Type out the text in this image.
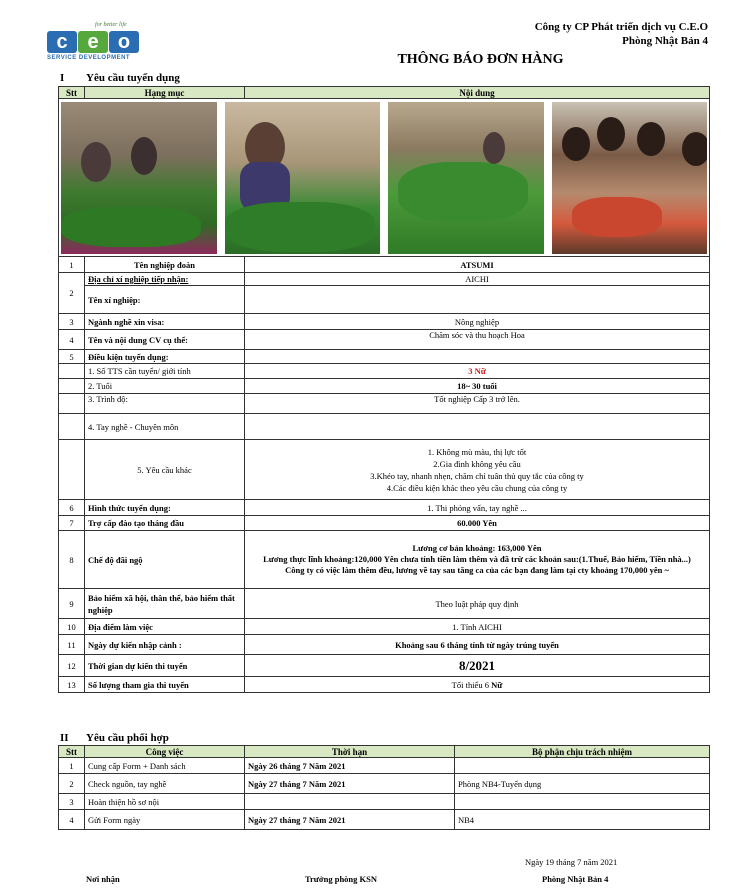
for better life
c e o
SERVICE DEVELOPMENT
Công ty CP Phát triển dịch vụ C.E.O
Phòng Nhật Bản 4
THÔNG BÁO ĐƠN HÀNG
I Yêu cầu tuyển dụng
Stt	Hạng mục	Nội dung

1	Tên nghiệp đoàn	ATSUMI
2	Địa chỉ xí nghiệp tiếp nhận:	AICHI
	Tên xí nghiệp:	
3	Ngành nghề xin visa:	Nông nghiệp
4	Tên và nội dung CV cụ thể:	Chăm sóc và thu hoạch Hoa
5	Điều kiện tuyển dụng:	
	1. Số TTS cần tuyển/ giới tính	3 Nữ
	2. Tuổi	18~ 30 tuổi
	3. Trình độ:	Tốt nghiệp Cấp 3 trở lên.
	4. Tay nghề - Chuyên môn	
	5. Yêu cầu khác	1. Không mù màu, thị lực tốt
2.Gia đình không yêu cầu
3.Khéo tay, nhanh nhẹn, chăm chỉ tuân thủ quy tắc của công ty
4.Các điều kiện khác theo yêu cầu chung của công ty

6	Hình thức tuyển dụng:	1. Thi phỏng vấn, tay nghề ...
7	Trợ cấp đào tạo tháng đầu	60.000 Yên
8	Chế độ đãi ngộ	Lương cơ bản khoảng: 163,000 Yên
Lương thực lĩnh khoảng:120,000 Yên chưa tính tiền làm thêm và đã trừ các khoản sau:(1.Thuế, Bảo hiểm, Tiền nhà...)
Công ty có việc làm thêm đều, lương về tay sau tăng ca của các bạn đang làm tại cty khoảng 170,000 yên ~

9	Bảo hiểm xã hội, thân thể, bảo hiểm thất nghiệp	Theo luật pháp quy định
10	Địa điểm làm việc	1. Tỉnh AICHI
11	Ngày dự kiến nhập cảnh :	Khoảng sau 6 tháng tính từ ngày trúng tuyển
12	Thời gian dự kiến thi tuyển	8/2021
13	Số lượng tham gia thi tuyển	Tối thiểu 6 Nữ
II Yêu cầu phối hợp
Stt	Công việc	Thời hạn	Bộ phận chịu trách nhiệm
1	Cung cấp Form + Danh sách	Ngày 26 tháng 7 Năm 2021	
2	Check nguồn, tay nghề	Ngày 27 tháng 7 Năm 2021	Phòng NB4-Tuyển dụng
3	Hoàn thiện hồ sơ nội		
4	Gửi Form ngày	Ngày 27 tháng 7 Năm 2021	NB4
Ngày 19 tháng 7 năm 2021
Nơi nhận	Trưởng phòng KSN	Phòng Nhật Bản 4
